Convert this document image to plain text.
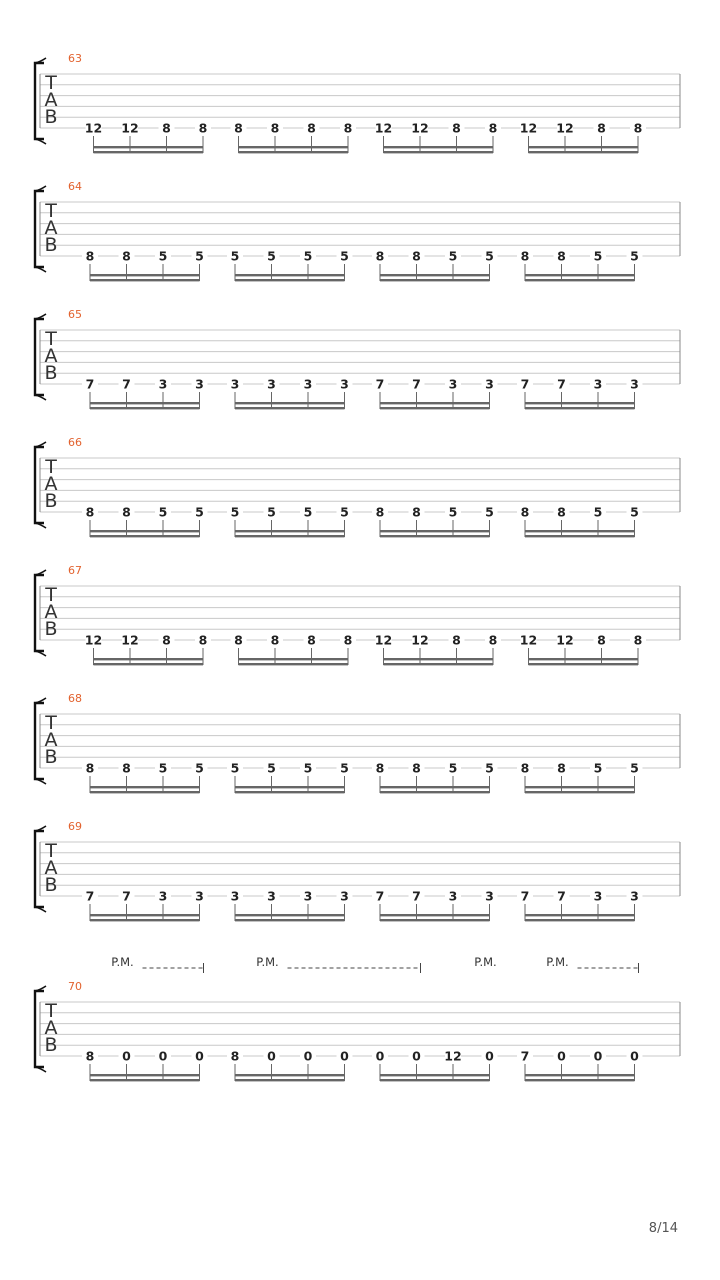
63
T
A
B 12 12 8 8 8 8 8 8 12 12 8 8 12 12 8 8
64
T
A
B 8 8 5 5 5 5 5 5 8 8 5 5 8 8 5 5
65
T
A
B 7 7 3 3 3 3 3 3 7 7 3 3 7 7 3 3
66
T
A
B 8 8 5 5 5 5 5 5 8 8 5 5 8 8 5 5
67
T
A
B 12 12 8 8 8 8 8 8 12 12 8 8 12 12 8 8
68
T
A
B 8 8 5 5 5 5 5 5 8 8 5 5 8 8 5 5
69
T
A
B 7 7 3 3 3 3 3 3 7 7 3 3 7 7 3 3
70
T
A
B 8 0 0 0 8 0 0 0 0 0 12 0 7 0 0 0
P.M.	P.M.	P.M.	P.M.
8/14
